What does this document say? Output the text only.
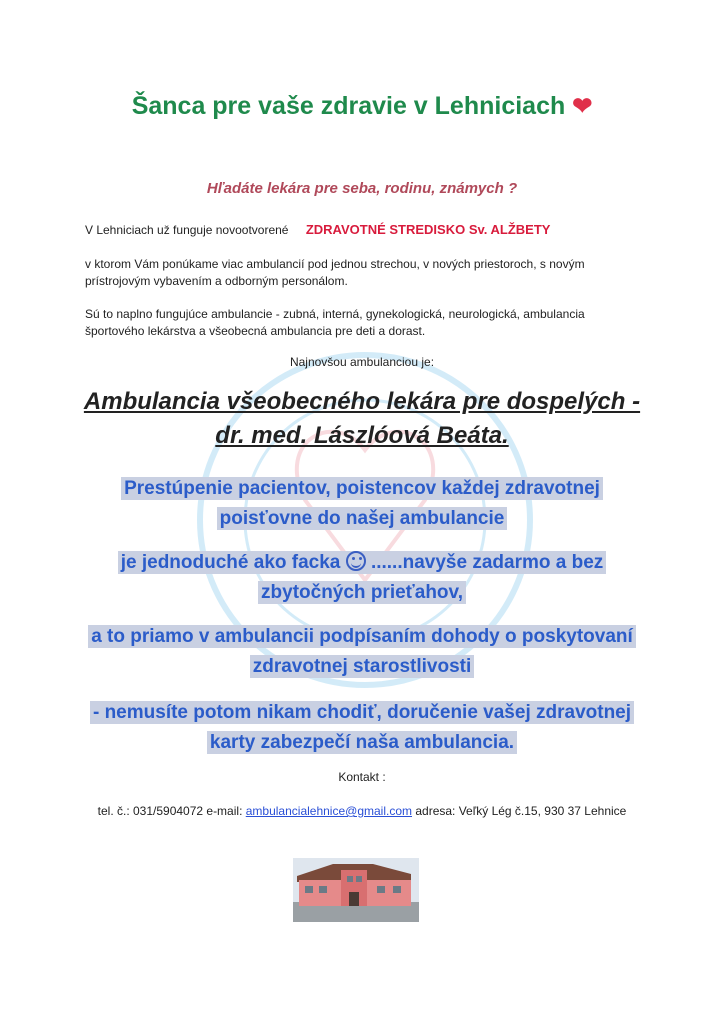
Šanca pre vaše zdravie v Lehniciach ❤
Hľadáte lekára pre seba, rodinu, známych ?
V Lehniciach už funguje novootvorené ZDRAVOTNÉ STREDISKO Sv. ALŽBETY
v ktorom Vám ponúkame viac ambulancií pod jednou strechou, v nových priestoroch, s novým prístrojovým vybavením a odborným personálom.
Sú to naplno fungujúce ambulancie - zubná, interná, gynekologická, neurologická, ambulancia športového lekárstva a všeobecná ambulancia pre deti a dorast.
Najnovšou ambulanciou je:
Ambulancia všeobecného lekára pre dospelých -
dr. med. Lászlóová Beáta.
Prestúpenie pacientov, poistencov každej zdravotnej
poisťovne do našej ambulancie
je jednoduché ako facka ......navyše zadarmo a bez
zbytočných prieťahov,
a to priamo v ambulancii podpísaním dohody o poskytovaní
zdravotnej starostlivosti
- nemusíte potom nikam chodiť, doručenie vašej zdravotnej
karty zabezpečí naša ambulancia.
Kontakt :
tel. č.: 031/5904072 e-mail: ambulancialehnice@gmail.com adresa: Veľký Lég č.15, 930 37 Lehnice
